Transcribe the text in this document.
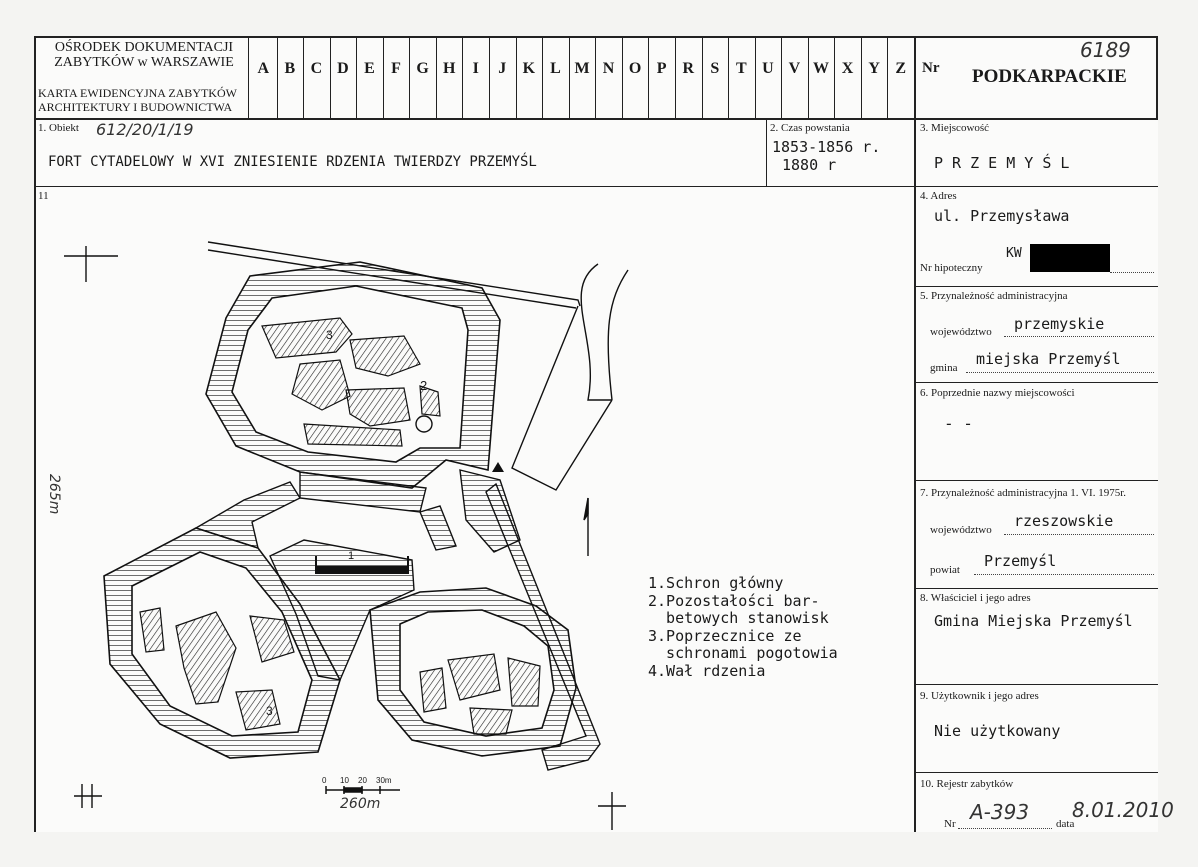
OŚRODEK DOKUMENTACJI
ZABYTKÓW w WARSZAWIE
KARTA EWIDENCYJNA ZABYTKÓW
ARCHITEKTURY I BUDOWNICTWA
A B C D E	F G H	I	J	K L M N O P R	S	T U V W X Y Z	Nr
6189
PODKARPACKIE
1. Obiekt 612/20/1/19
FORT CYTADELOWY W XVI ZNIESIENIE RDZENIA TWIERDZY PRZEMYŚL
2. Czas powstania
1853-1856 r.
1880 r
3. Miejscowość
P R Z E M Y Ś L
11	4. Adres
ul. Przemysława
Nr hipoteczny
KW
5. Przynależność administracyjna
województwo przemyskie
gmina miejska Przemyśl
6. Poprzednie nazwy miejscowości
- -
7. Przynależność administracyjna 1. VI. 1975r.
województwo rzeszowskie
powiat Przemyśl
8. Właściciel i jego adres
Gmina Miejska Przemyśl
9. Użytkownik i jego adres
Nie użytkowany
10. Rejestr zabytków
Nr A-393 data
8.01.2010
265m
260m
0 10 20 30m
1
2
3
3
1.Schron główny
2.Pozostałości bar-
betowych stanowisk
3.Poprzecznice ze
schronami pogotowia
4.Wał rdzenia
